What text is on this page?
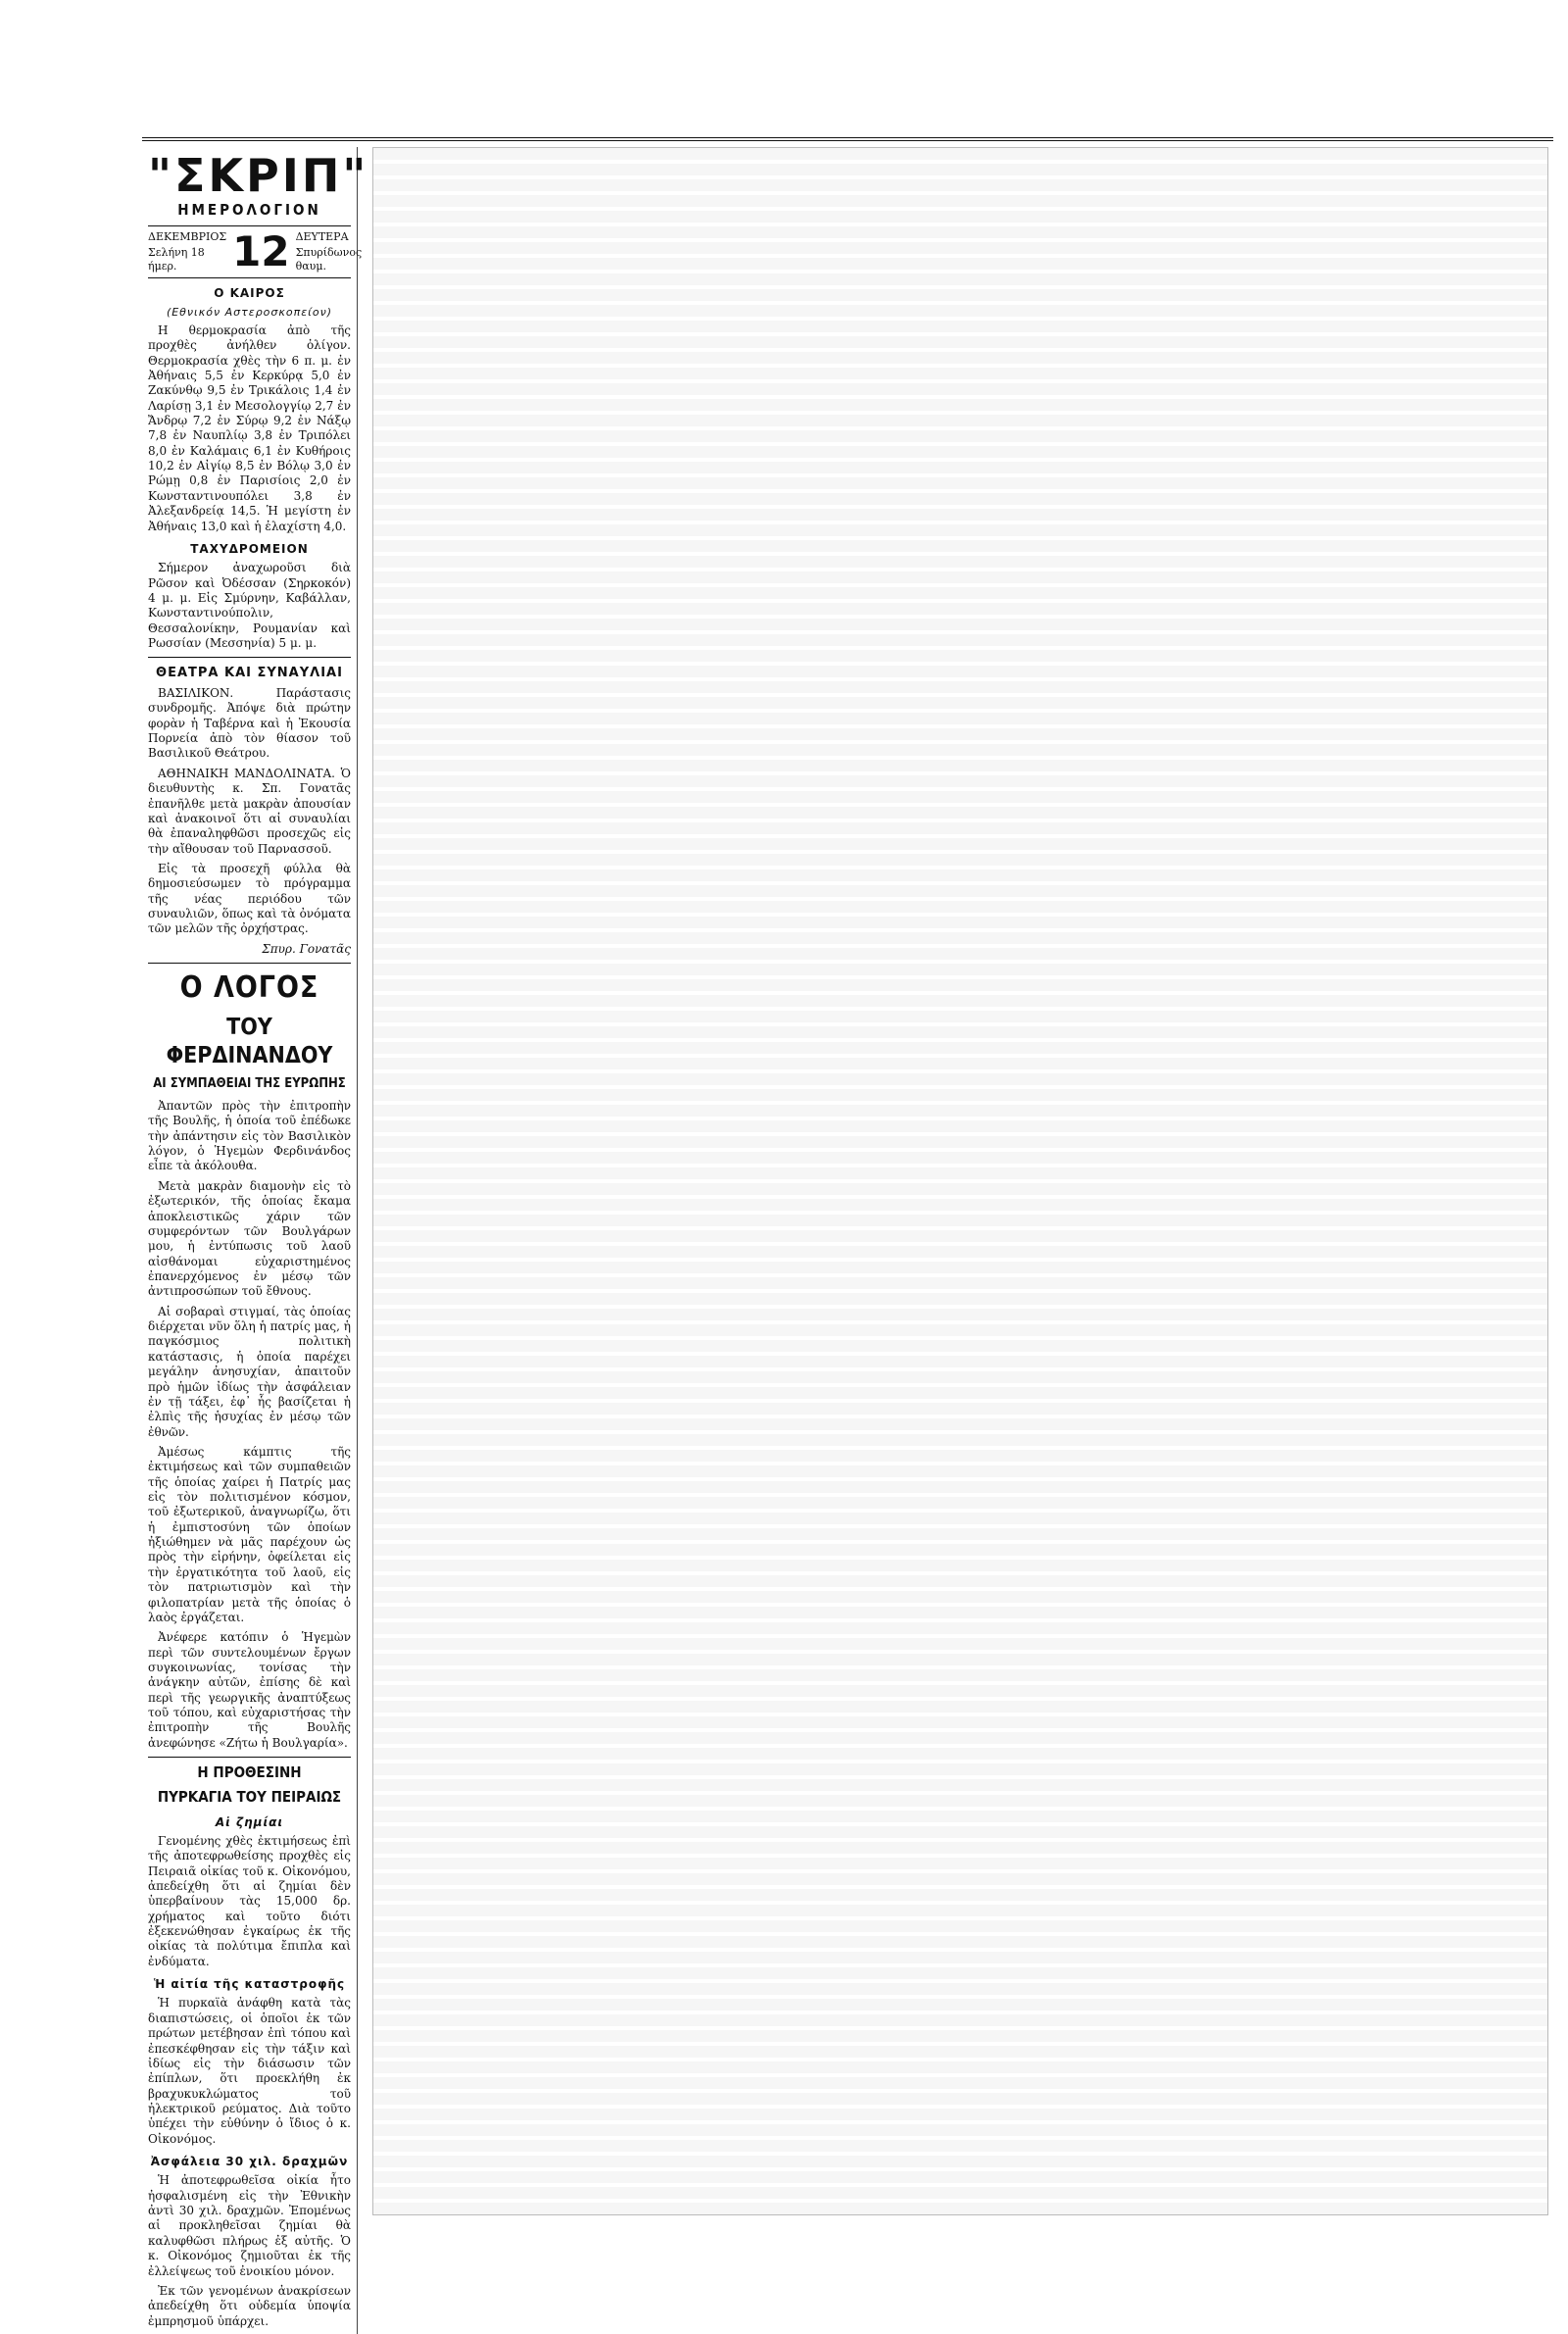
"ΣΚΡΙΠ"
ΗΜΕΡΟΛΟΓΙΟΝ
ΔΕΚΕΜΒΡΙΟΣ
Σελήνη 18 ήμερ.	12 ΔΕΥΤΕΡΑ
Σπυρίδωνος θαυμ.
Ο ΚΑΙΡΟΣ
(Εθνικόν Αστεροσκοπείον)

Η θερμοκρασία ἀπὸ τῆς προχθὲς ἀνήλθεν ὀλίγον. Θερμοκρασία χθὲς τὴν 6 π. μ. ἐν Ἀθήναις 5,5 ἐν Κερκύρᾳ 5,0 ἐν Ζακύνθῳ 9,5 ἐν Τρικάλοις 1,4 ἐν Λαρίσῃ 3,1 ἐν Μεσολογγίῳ 2,7 ἐν Ἄνδρῳ 7,2 ἐν Σύρῳ 9,2 ἐν Νάξῳ 7,8 ἐν Ναυπλίῳ 3,8 ἐν Τριπόλει 8,0 ἐν Καλάμαις 6,1 ἐν Κυθήροις 10,2 ἐν Αἰγίῳ 8,5 ἐν Βόλῳ 3,0 ἐν Ρώμῃ 0,8 ἐν Παρισίοις 2,0 ἐν Κωνσταντινουπόλει 3,8 ἐν Ἀλεξανδρείᾳ 14,5. Ἡ μεγίστη ἐν Ἀθήναις 13,0 καὶ ἡ ἐλαχίστη 4,0.

ΤΑΧΥΔΡΟΜΕΙΟΝ

Σήμερον ἀναχωροῦσι διὰ Ρῶσον καὶ Ὀδέσσαν (Σηρκοκόν) 4 μ. μ. Εἰς Σμύρνην, Καβάλλαν, Κωνσταντινούπολιν, Θεσσαλονίκην, Ρουμανίαν καὶ Ρωσσίαν (Μεσσηνία) 5 μ. μ.

ΘΕΑΤΡΑ ΚΑΙ ΣΥΝΑΥΛΙΑΙ

ΒΑΣΙΛΙΚΟΝ. Παράστασις συνδρομῆς. Ἀπόψε διὰ πρώτην φορὰν ἡ Ταβέρνα καὶ ἡ Ἐκουσία Πορνεία ἀπὸ τὸν θίασον τοῦ Βασιλικοῦ Θεάτρου.

ΑΘΗΝΑΙΚΗ ΜΑΝΔΟΛΙΝΑΤΑ. Ὁ διευθυντὴς κ. Σπ. Γονατᾶς ἐπανῆλθε μετὰ μακρὰν ἀπουσίαν καὶ ἀνακοινοῖ ὅτι αἱ συναυλίαι θὰ ἐπαναληφθῶσι προσεχῶς εἰς τὴν αἴθουσαν τοῦ Παρνασσοῦ.

Εἰς τὰ προσεχῆ φύλλα θὰ δημοσιεύσωμεν τὸ πρόγραμμα τῆς νέας περιόδου τῶν συναυλιῶν, ὅπως καὶ τὰ ὀνόματα τῶν μελῶν τῆς ὀρχήστρας.

Σπυρ. Γονατᾶς
Ο ΛΟΓΟΣ
ΤΟΥ ΦΕΡΔΙΝΑΝΔΟΥ
ΑΙ ΣΥΜΠΑΘΕΙΑΙ ΤΗΣ ΕΥΡΩΠΗΣ

Ἀπαντῶν πρὸς τὴν ἐπιτροπὴν τῆς Βουλῆς, ἡ ὁποία τοῦ ἐπέδωκε τὴν ἀπάντησιν εἰς τὸν Βασιλικὸν λόγον, ὁ Ἡγεμὼν Φερδινάνδος εἶπε τὰ ἀκόλουθα.

Μετὰ μακρὰν διαμονὴν εἰς τὸ ἐξωτερικόν, τῆς ὁποίας ἔκαμα ἀποκλειστικῶς χάριν τῶν συμφερόντων τῶν Βουλγάρων μου, ἡ ἐντύπωσις τοῦ λαοῦ αἰσθάνομαι εὐχαριστημένος ἐπανερχόμενος ἐν μέσῳ τῶν ἀντιπροσώπων τοῦ ἔθνους.

Αἱ σοβαραὶ στιγμαί, τὰς ὁποίας διέρχεται νῦν ὅλη ἡ πατρίς μας, ἡ παγκόσμιος πολιτικὴ κατάστασις, ἡ ὁποία παρέχει μεγάλην ἀνησυχίαν, ἀπαιτοῦν πρὸ ἡμῶν ἰδίως τὴν ἀσφάλειαν ἐν τῇ τάξει, ἐφ᾽ ἧς βασίζεται ἡ ἐλπὶς τῆς ἡσυχίας ἐν μέσῳ τῶν ἐθνῶν.

Ἀμέσως κάμπτις τῆς ἐκτιμήσεως καὶ τῶν συμπαθειῶν τῆς ὁποίας χαίρει ἡ Πατρίς μας εἰς τὸν πολιτισμένον κόσμον, τοῦ ἐξωτερικοῦ, ἀναγνωρίζω, ὅτι ἡ ἐμπιστοσύνη τῶν ὁποίων ἠξιώθημεν νὰ μᾶς παρέχουν ὡς πρὸς τὴν εἰρήνην, ὀφείλεται εἰς τὴν ἐργατικότητα τοῦ λαοῦ, εἰς τὸν πατριωτισμὸν καὶ τὴν φιλοπατρίαν μετὰ τῆς ὁποίας ὁ λαὸς ἐργάζεται.

Ἀνέφερε κατόπιν ὁ Ἡγεμὼν περὶ τῶν συντελουμένων ἔργων συγκοινωνίας, τονίσας τὴν ἀνάγκην αὐτῶν, ἐπίσης δὲ καὶ περὶ τῆς γεωργικῆς ἀναπτύξεως τοῦ τόπου, καὶ εὐχαριστήσας τὴν ἐπιτροπὴν τῆς Βουλῆς ἀνεφώνησε «Ζήτω ἡ Βουλγαρία».

Η ΠΡΟΘΕΣΙΝΗ
ΠΥΡΚΑΓΙΑ ΤΟΥ ΠΕΙΡΑΙΩΣ
Αἱ ζημίαι

Γενομένης χθὲς ἐκτιμήσεως ἐπὶ τῆς ἀποτεφρωθείσης προχθὲς εἰς Πειραιᾶ οἰκίας τοῦ κ. Οἰκονόμου, ἀπεδείχθη ὅτι αἱ ζημίαι δὲν ὑπερβαίνουν τὰς 15,000 δρ. χρήματος καὶ τοῦτο διότι ἐξεκενώθησαν ἐγκαίρως ἐκ τῆς οἰκίας τὰ πολύτιμα ἔπιπλα καὶ ἐνδύματα.

Ἡ αἰτία τῆς καταστροφῆς

Ἡ πυρκαϊὰ ἀνάφθη κατὰ τὰς διαπιστώσεις, οἱ ὁποῖοι ἐκ τῶν πρώτων μετέβησαν ἐπὶ τόπου καὶ ἐπεσκέφθησαν εἰς τὴν τάξιν καὶ ἰδίως εἰς τὴν διάσωσιν τῶν ἐπίπλων, ὅτι προεκλήθη ἐκ βραχυκυκλώματος τοῦ ἠλεκτρικοῦ ρεύματος. Διὰ τοῦτο ὑπέχει τὴν εὐθύνην ὁ ἴδιος ὁ κ. Οἰκονόμος.

Ἀσφάλεια 30 χιλ. δραχμῶν

Ἡ ἀποτεφρωθεῖσα οἰκία ἦτο ἠσφαλισμένη εἰς τὴν Ἐθνικὴν ἀντὶ 30 χιλ. δραχμῶν. Ἐπομένως αἱ προκληθεῖσαι ζημίαι θὰ καλυφθῶσι πλήρως ἐξ αὐτῆς. Ὁ κ. Οἰκονόμος ζημιοῦται ἐκ τῆς ἐλλείψεως τοῦ ἐνοικίου μόνον.

Ἐκ τῶν γενομένων ἀνακρίσεων ἀπεδείχθη ὅτι οὐδεμία ὑποψία ἐμπρησμοῦ ὑπάρχει.
